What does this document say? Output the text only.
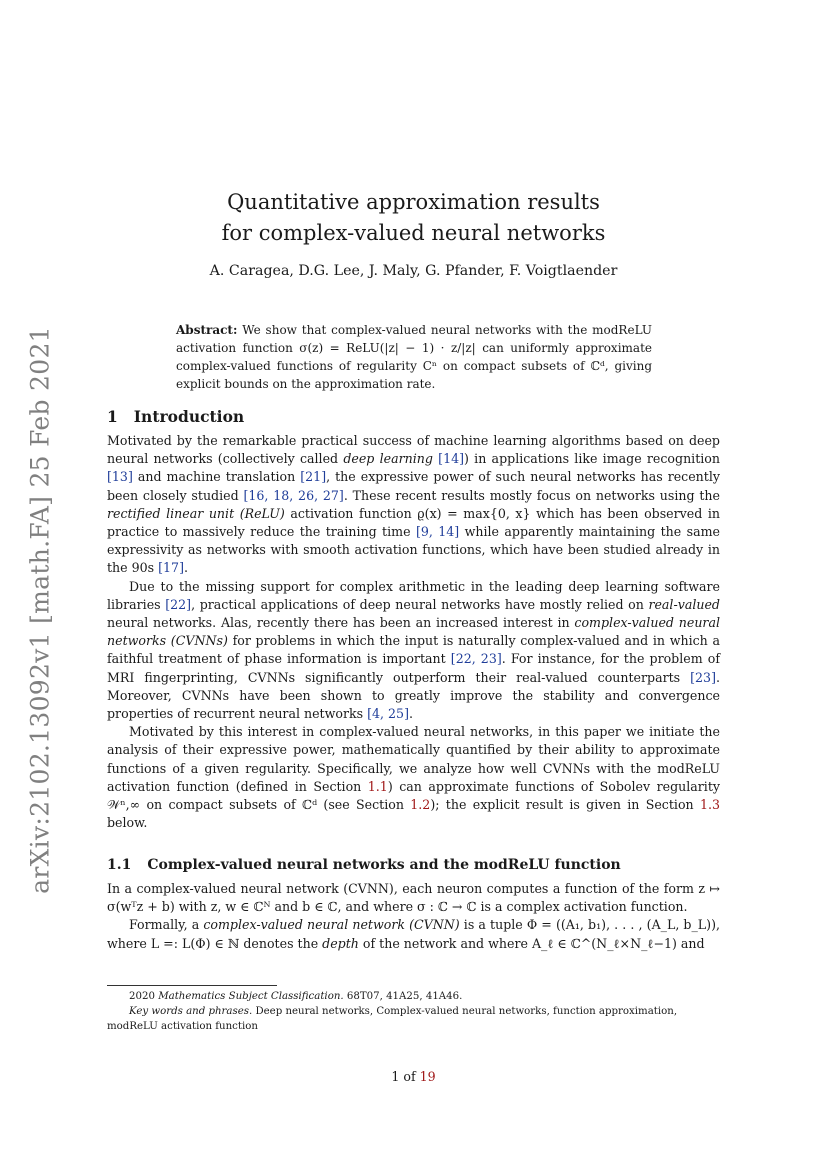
arXiv:2102.13092v1 [math.FA] 25 Feb 2021
Quantitative approximation results
for complex-valued neural networks
A. Caragea, D.G. Lee, J. Maly, G. Pfander, F. Voigtlaender
Abstract: We show that complex-valued neural networks with the modReLU activation function σ(z) = ReLU(|z| − 1) · z/|z| can uniformly approximate complex-valued functions of regularity Cⁿ on compact subsets of ℂᵈ, giving explicit bounds on the approximation rate.
1 Introduction

Motivated by the remarkable practical success of machine learning algorithms based on deep neural networks (collectively called deep learning [14]) in applications like image recognition [13] and machine translation [21], the expressive power of such neural networks has recently been closely studied [16, 18, 26, 27]. These recent results mostly focus on networks using the rectified linear unit (ReLU) activation function ϱ(x) = max{0, x} which has been observed in practice to massively reduce the training time [9, 14] while apparently maintaining the same expressivity as networks with smooth activation functions, which have been studied already in the 90s [17].

Due to the missing support for complex arithmetic in the leading deep learning software libraries [22], practical applications of deep neural networks have mostly relied on real-valued neural networks. Alas, recently there has been an increased interest in complex-valued neural networks (CVNNs) for problems in which the input is naturally complex-valued and in which a faithful treatment of phase information is important [22, 23]. For instance, for the problem of MRI fingerprinting, CVNNs significantly outperform their real-valued counterparts [23]. Moreover, CVNNs have been shown to greatly improve the stability and convergence properties of recurrent neural networks [4, 25].

Motivated by this interest in complex-valued neural networks, in this paper we initiate the analysis of their expressive power, mathematically quantified by their ability to approximate functions of a given regularity. Specifically, we analyze how well CVNNs with the modReLU activation function (defined in Section 1.1) can approximate functions of Sobolev regularity 𝒲ⁿ,∞ on compact subsets of ℂᵈ (see Section 1.2); the explicit result is given in Section 1.3 below.

1.1 Complex-valued neural networks and the modReLU function

In a complex-valued neural network (CVNN), each neuron computes a function of the form z ↦ σ(wᵀz + b) with z, w ∈ ℂᴺ and b ∈ ℂ, and where σ : ℂ → ℂ is a complex activation function.

Formally, a complex-valued neural network (CVNN) is a tuple Φ = ((A₁, b₁), . . . , (A_L, b_L)), where L =: L(Φ) ∈ ℕ denotes the depth of the network and where A_ℓ ∈ ℂ^(N_ℓ×N_ℓ−1) and

2020 Mathematics Subject Classification. 68T07, 41A25, 41A46.

Key words and phrases. Deep neural networks, Complex-valued neural networks, function approximation, modReLU activation function

1 of 19
